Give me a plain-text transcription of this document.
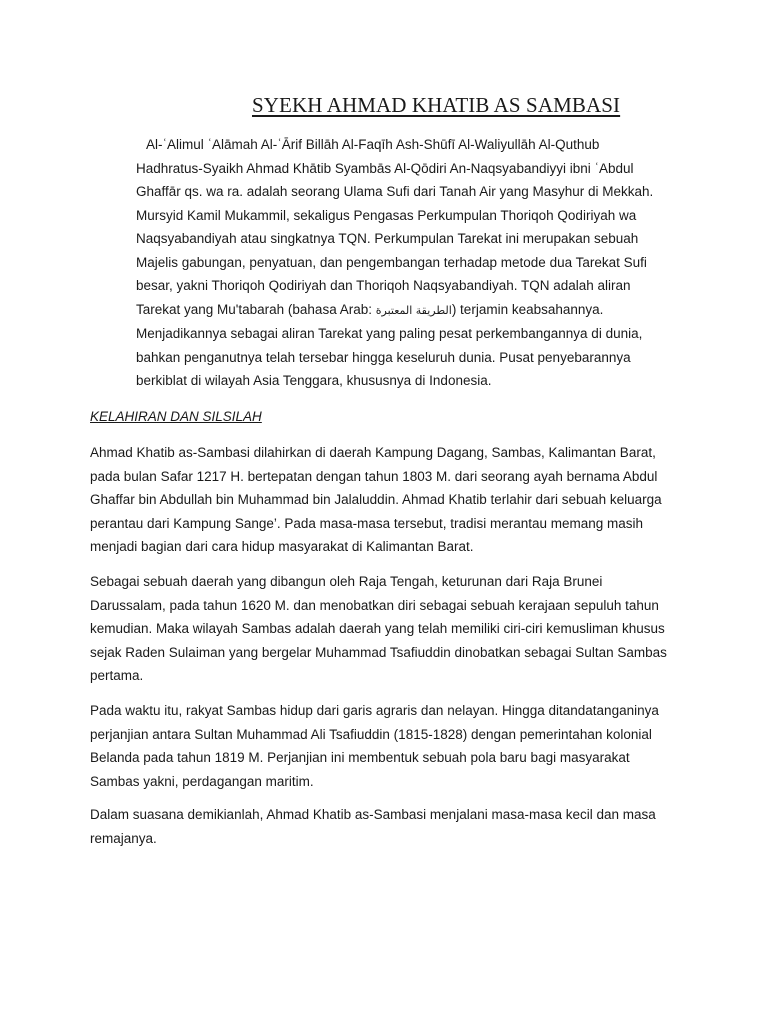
SYEKH AHMAD KHATIB AS SAMBASI

Al-ʿAlimul ʿAlāmah Al-ʿĀrif Billāh Al-Faqīh Ash-Shūfī Al-Waliyullāh Al-Quthub Hadhratus-Syaikh Ahmad Khātib Syambās Al-Qōdiri An-Naqsyabandiyyi ibni ʿAbdul Ghaffār qs. wa ra. adalah seorang Ulama Sufi dari Tanah Air yang Masyhur di Mekkah. Mursyid Kamil Mukammil, sekaligus Pengasas Perkumpulan Thoriqoh Qodiriyah wa Naqsyabandiyah atau singkatnya TQN. Perkumpulan Tarekat ini merupakan sebuah Majelis gabungan, penyatuan, dan pengembangan terhadap metode dua Tarekat Sufi besar, yakni Thoriqoh Qodiriyah dan Thoriqoh Naqsyabandiyah. TQN adalah aliran Tarekat yang Mu'tabarah (bahasa Arab: الطريقة المعتبرة) terjamin keabsahannya. Menjadikannya sebagai aliran Tarekat yang paling pesat perkembangannya di dunia, bahkan penganutnya telah tersebar hingga keseluruh dunia. Pusat penyebarannya berkiblat di wilayah Asia Tenggara, khususnya di Indonesia.

KELAHIRAN DAN SILSILAH

Ahmad Khatib as-Sambasi dilahirkan di daerah Kampung Dagang, Sambas, Kalimantan Barat, pada bulan Safar 1217 H. bertepatan dengan tahun 1803 M. dari seorang ayah bernama Abdul Ghaffar bin Abdullah bin Muhammad bin Jalaluddin. Ahmad Khatib terlahir dari sebuah keluarga perantau dari Kampung Sange’. Pada masa-masa tersebut, tradisi merantau memang masih menjadi bagian dari cara hidup masyarakat di Kalimantan Barat.

Sebagai sebuah daerah yang dibangun oleh Raja Tengah, keturunan dari Raja Brunei Darussalam, pada tahun 1620 M. dan menobatkan diri sebagai sebuah kerajaan sepuluh tahun kemudian. Maka wilayah Sambas adalah daerah yang telah memiliki ciri-ciri kemusliman khusus sejak Raden Sulaiman yang bergelar Muhammad Tsafiuddin dinobatkan sebagai Sultan Sambas pertama.

Pada waktu itu, rakyat Sambas hidup dari garis agraris dan nelayan. Hingga ditandatanganinya perjanjian antara Sultan Muhammad Ali Tsafiuddin (1815-1828) dengan pemerintahan kolonial Belanda pada tahun 1819 M. Perjanjian ini membentuk sebuah pola baru bagi masyarakat Sambas yakni, perdagangan maritim.

Dalam suasana demikianlah, Ahmad Khatib as-Sambasi menjalani masa-masa kecil dan masa remajanya.
